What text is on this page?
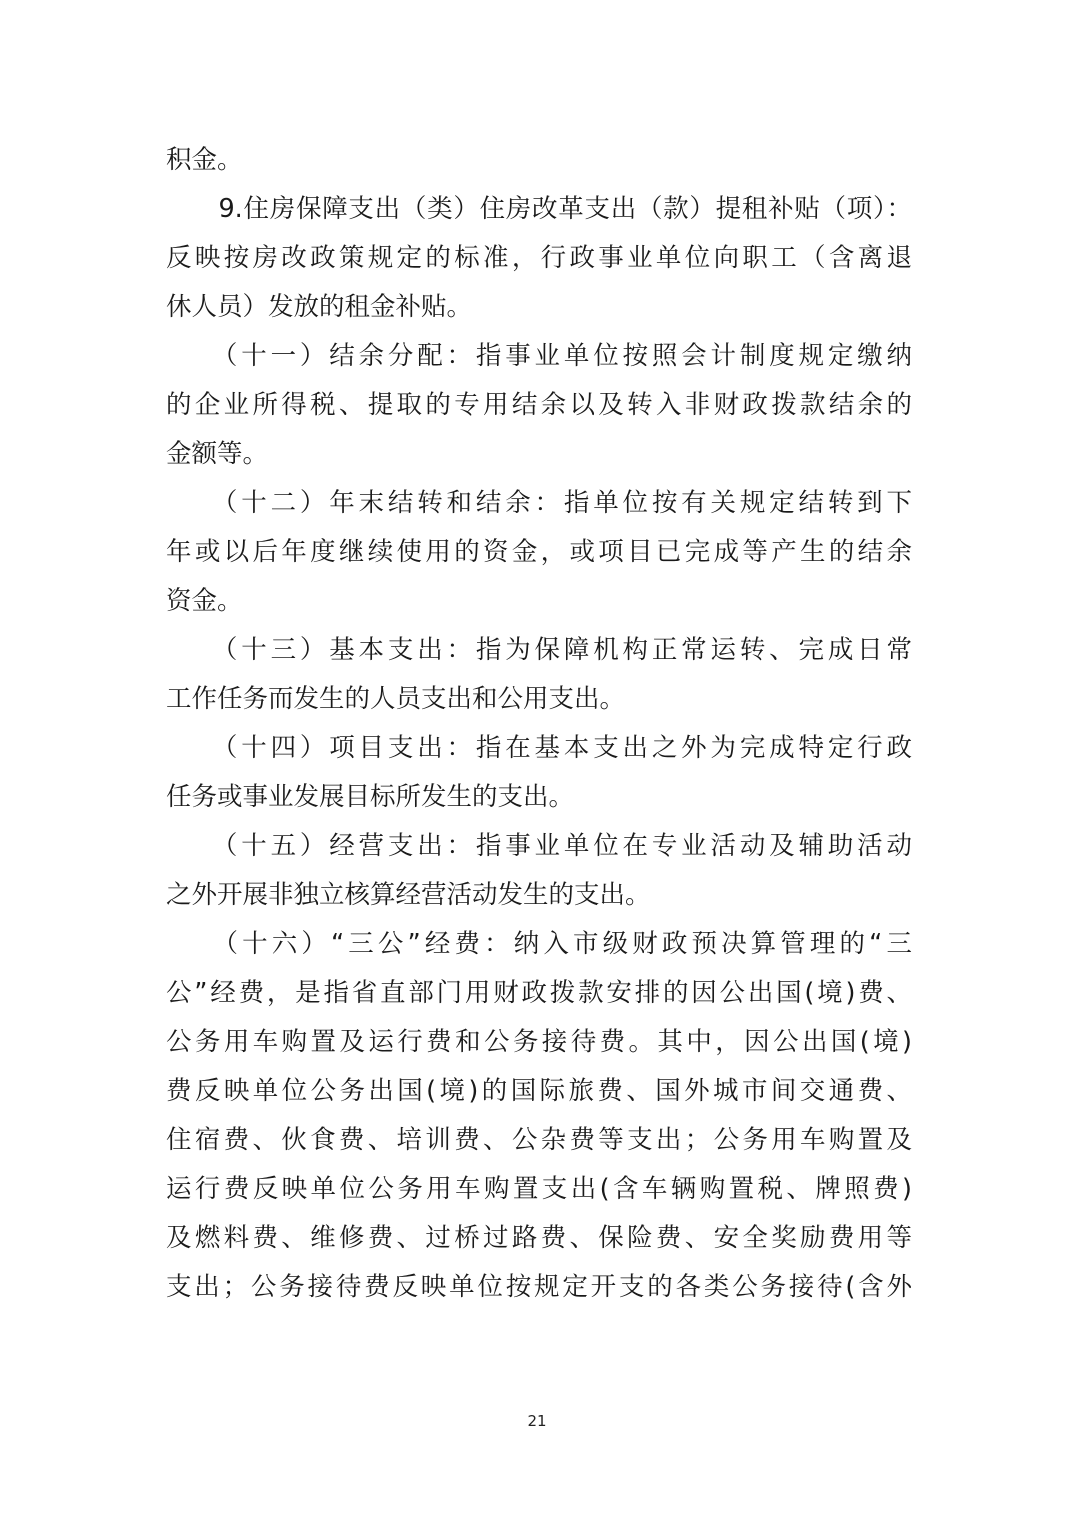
积金。
　　9.住房保障支出（类）住房改革支出（款）提租补贴（项）：
反映按房改政策规定的标准，行政事业单位向职工（含离退
休人员）发放的租金补贴。
　　（十一）结余分配：指事业单位按照会计制度规定缴纳
的企业所得税、提取的专用结余以及转入非财政拨款结余的
金额等。
　　（十二）年末结转和结余：指单位按有关规定结转到下
年或以后年度继续使用的资金，或项目已完成等产生的结余
资金。
　　（十三）基本支出：指为保障机构正常运转、完成日常
工作任务而发生的人员支出和公用支出。
　　（十四）项目支出：指在基本支出之外为完成特定行政
任务或事业发展目标所发生的支出。
　　（十五）经营支出：指事业单位在专业活动及辅助活动
之外开展非独立核算经营活动发生的支出。
　　（十六）“三公”经费：纳入市级财政预决算管理的“三
公”经费，是指省直部门用财政拨款安排的因公出国(境)费、
公务用车购置及运行费和公务接待费。其中，因公出国(境)
费反映单位公务出国(境)的国际旅费、国外城市间交通费、
住宿费、伙食费、培训费、公杂费等支出；公务用车购置及
运行费反映单位公务用车购置支出(含车辆购置税、牌照费)
及燃料费、维修费、过桥过路费、保险费、安全奖励费用等
支出；公务接待费反映单位按规定开支的各类公务接待(含外
21
